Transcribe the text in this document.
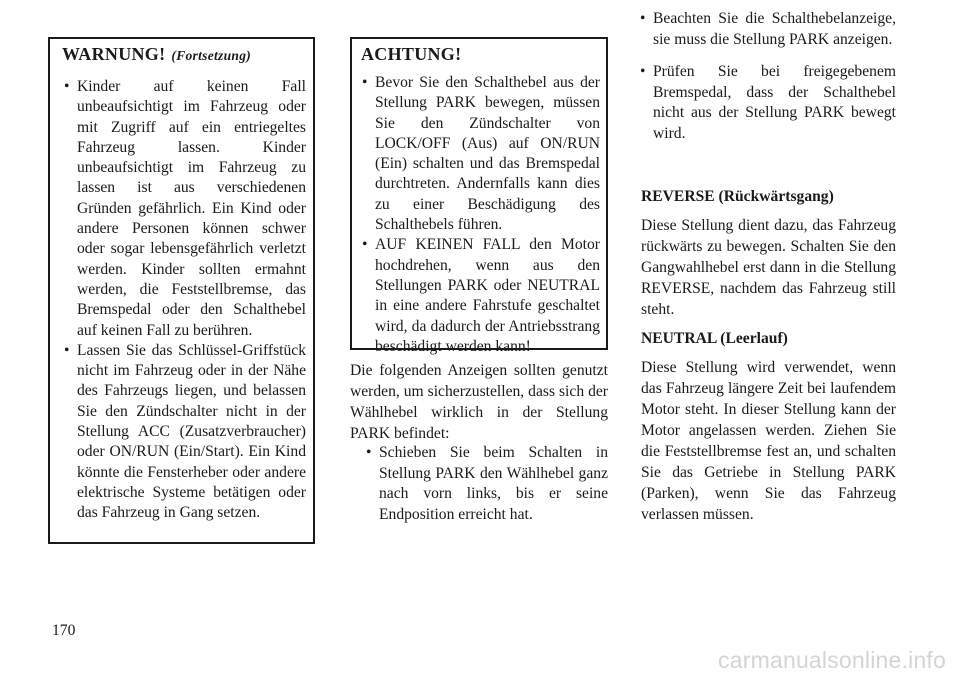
WARNUNG! (Fortsetzung)
• Kinder auf keinen Fall unbeaufsichtigt im Fahrzeug oder mit Zugriff auf ein entriegeltes Fahrzeug lassen. Kinder unbeaufsichtigt im Fahrzeug zu lassen ist aus verschiedenen Gründen gefährlich. Ein Kind oder andere Personen können schwer oder sogar lebensgefährlich verletzt werden. Kinder sollten ermahnt werden, die Feststellbremse, das Bremspedal oder den Schalthebel auf keinen Fall zu berühren.
• Lassen Sie das Schlüssel-Griffstück nicht im Fahrzeug oder in der Nähe des Fahrzeugs liegen, und belassen Sie den Zündschalter nicht in der Stellung ACC (Zusatzverbraucher) oder ON/RUN (Ein/Start). Ein Kind könnte die Fensterheber oder andere elektrische Systeme betätigen oder das Fahrzeug in Gang setzen.
ACHTUNG!
• Bevor Sie den Schalthebel aus der Stellung PARK bewegen, müssen Sie den Zündschalter von LOCK/OFF (Aus) auf ON/RUN (Ein) schalten und das Bremspedal durchtreten. Andernfalls kann dies zu einer Beschädigung des Schalthebels führen.
• AUF KEINEN FALL den Motor hochdrehen, wenn aus den Stellungen PARK oder NEUTRAL in eine andere Fahrstufe geschaltet wird, da dadurch der Antriebsstrang beschädigt werden kann!
Die folgenden Anzeigen sollten genutzt werden, um sicherzustellen, dass sich der Wählhebel wirklich in der Stellung PARK befindet:
• Schieben Sie beim Schalten in Stellung PARK den Wählhebel ganz nach vorn links, bis er seine Endposition erreicht hat.
• Beachten Sie die Schalthebelanzeige, sie muss die Stellung PARK anzeigen.
• Prüfen Sie bei freigegebenem Bremspedal, dass der Schalthebel nicht aus der Stellung PARK bewegt wird.
REVERSE (Rückwärtsgang)
Diese Stellung dient dazu, das Fahrzeug rückwärts zu bewegen. Schalten Sie den Gangwahlhebel erst dann in die Stellung REVERSE, nachdem das Fahrzeug still steht.
NEUTRAL (Leerlauf)
Diese Stellung wird verwendet, wenn das Fahrzeug längere Zeit bei laufendem Motor steht. In dieser Stellung kann der Motor angelassen werden. Ziehen Sie die Feststellbremse fest an, und schalten Sie das Getriebe in Stellung PARK (Parken), wenn Sie das Fahrzeug verlassen müssen.
170
carmanualsonline.info
